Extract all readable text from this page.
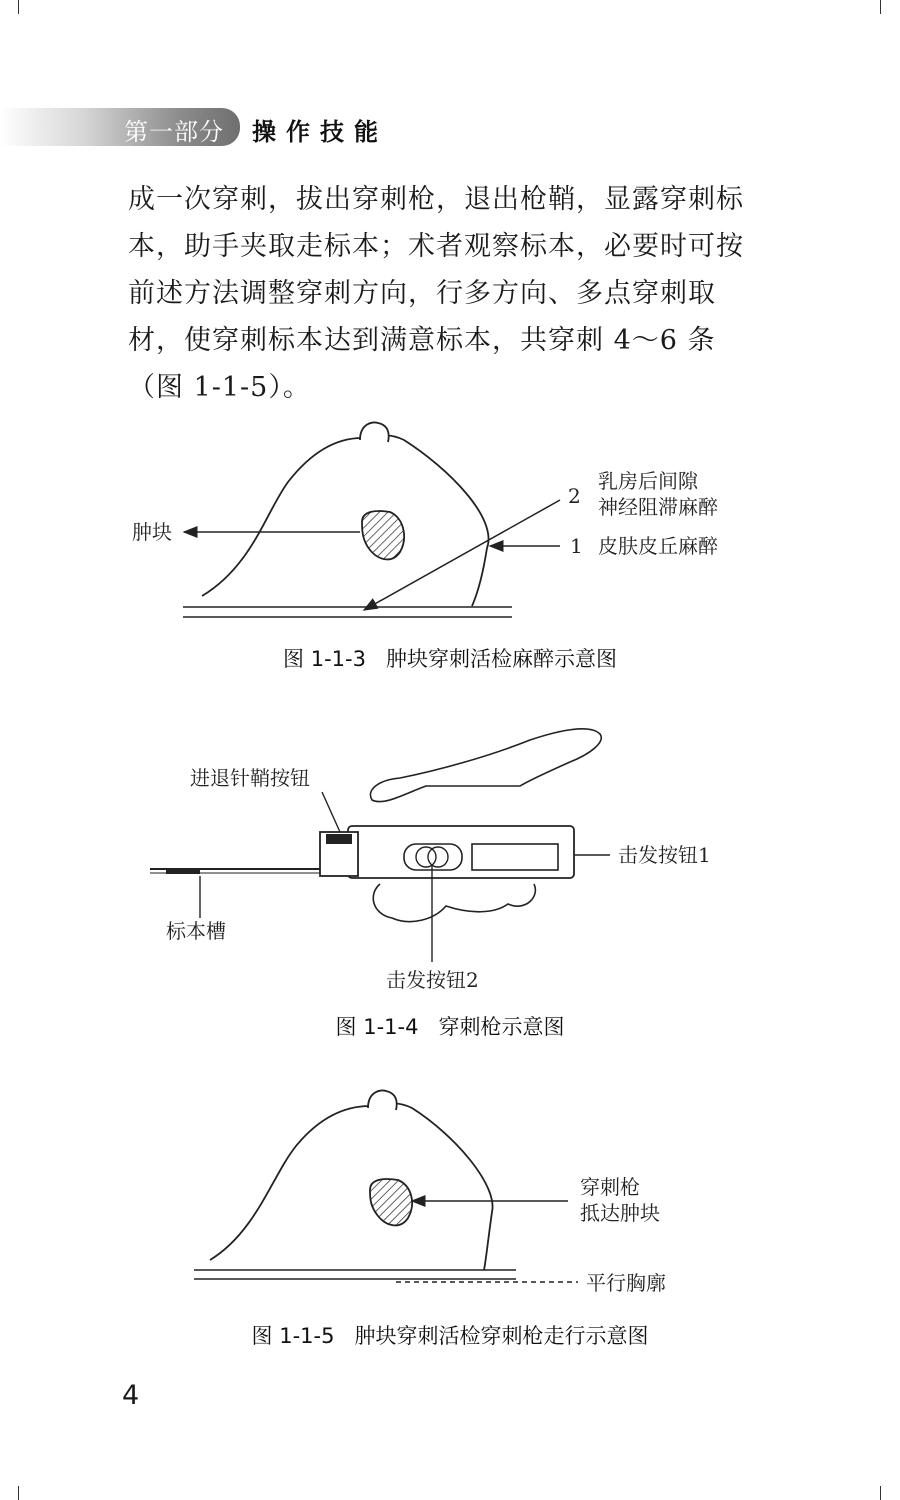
第一部分 操作技能

成一次穿刺，拔出穿刺枪，退出枪鞘，显露穿刺标本，助手夹取走标本；术者观察标本，必要时可按前述方法调整穿刺方向，行多方向、多点穿刺取材，使穿刺标本达到满意标本，共穿刺 4～6 条（图 1-1-5）。

肿块
2
乳房后间隙
神经阻滞麻醉
1 皮肤皮丘麻醉
图 1-1-3 肿块穿刺活检麻醉示意图
进退针鞘按钮
击发按钮1
标本槽
击发按钮2
图 1-1-4 穿刺枪示意图
穿刺枪
抵达肿块
平行胸廓
图 1-1-5 肿块穿刺活检穿刺枪走行示意图
4
